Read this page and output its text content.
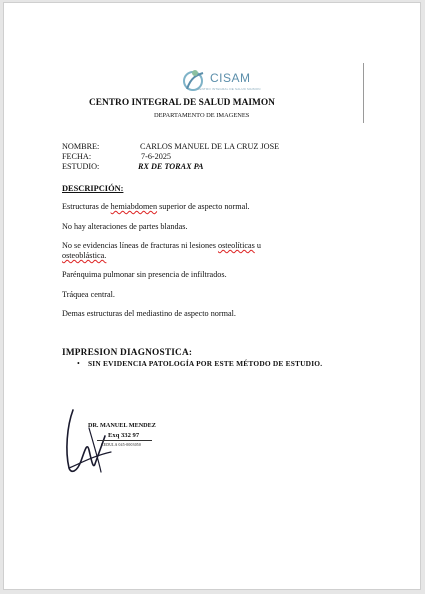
CISAM
CENTRO INTEGRAL DE SALUD MAIMON
CENTRO INTEGRAL DE SALUD MAIMON
DEPARTAMENTO DE IMAGENES
NOMBRE:	CARLOS MANUEL DE LA CRUZ JOSE
FECHA:	7-6-2025
ESTUDIO:	RX DE TORAX PA
DESCRIPCIÓN:
Estructuras de hemiabdomen superior de aspecto normal.
No hay alteraciones de partes blandas.
No se evidencias líneas de fracturas ni lesiones osteolíticas u
osteoblástica.
Parénquima pulmonar sin presencia de infiltrados.
Tráquea central.
Demas estructuras del mediastino de aspecto normal.
IMPRESION DIAGNOSTICA:
• SIN EVIDENCIA PATOLOGÍA POR ESTE MÉTODO DE ESTUDIO.
DR. MANUEL MENDEZ
Exq 332 97
CEDULA 045-0003050
